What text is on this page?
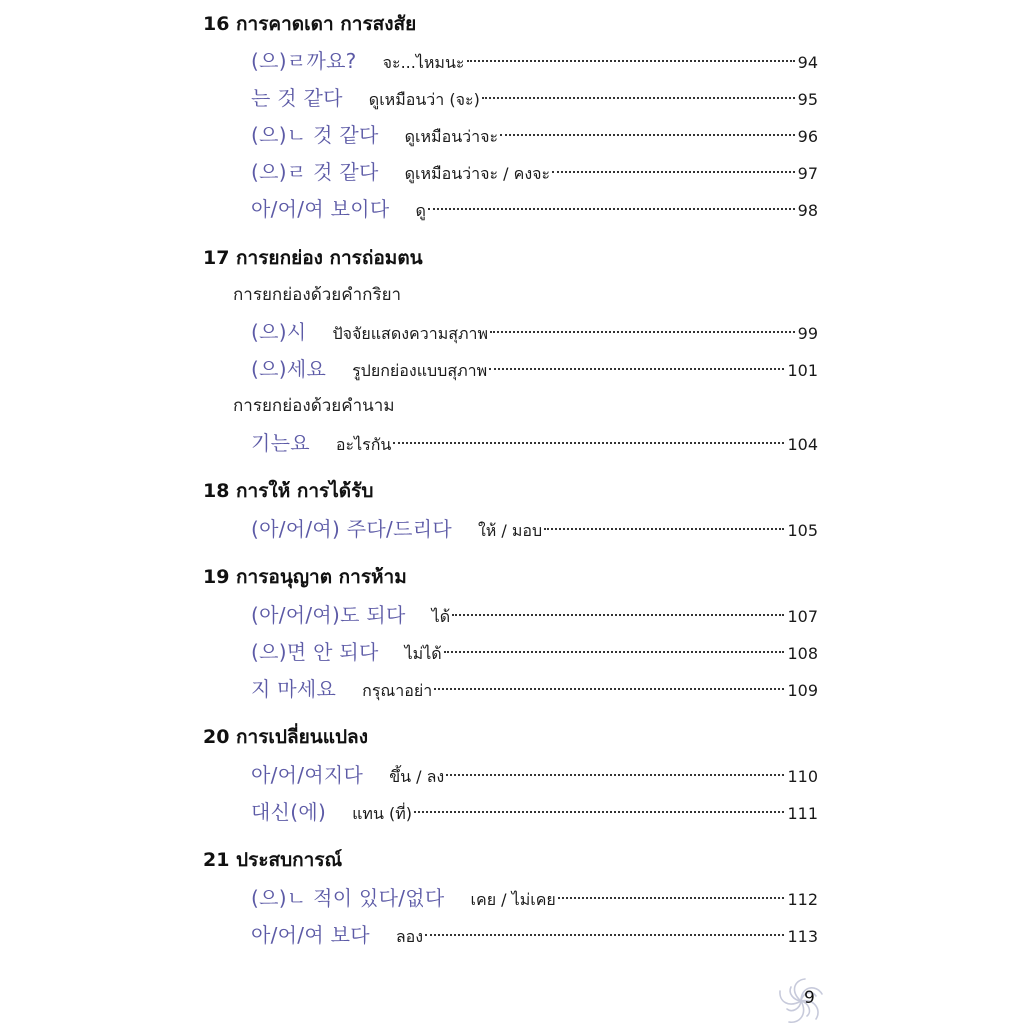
16 การคาดเดา การสงสัย
(으)ㄹ까요? จะ...ไหมนะ	94
는 것 같다 ดูเหมือนว่า (จะ)	95
(으)ㄴ 것 같다 ดูเหมือนว่าจะ	96
(으)ㄹ 것 같다 ดูเหมือนว่าจะ / คงจะ	97
아/어/여 보이다 ดู	98
17 การยกย่อง การถ่อมตน
การยกย่องด้วยคำกริยา
(으)시 ปัจจัยแสดงความสุภาพ	99
(으)세요 รูปยกย่องแบบสุภาพ	101
การยกย่องด้วยคำนาม
기는요 อะไรกัน	104
18 การให้ การได้รับ
(아/어/여) 주다/드리다 ให้ / มอบ	105
19 การอนุญาต การห้าม
(아/어/여)도 되다 ได้	107
(으)면 안 되다 ไม่ได้	108
지 마세요 กรุณาอย่า	109
20 การเปลี่ยนแปลง
아/어/여지다 ขึ้น / ลง	110
대신(에) แทน (ที่)	111
21 ประสบการณ์
(으)ㄴ 적이 있다/없다 เคย / ไม่เคย	112
아/어/여 보다 ลอง	113
9
